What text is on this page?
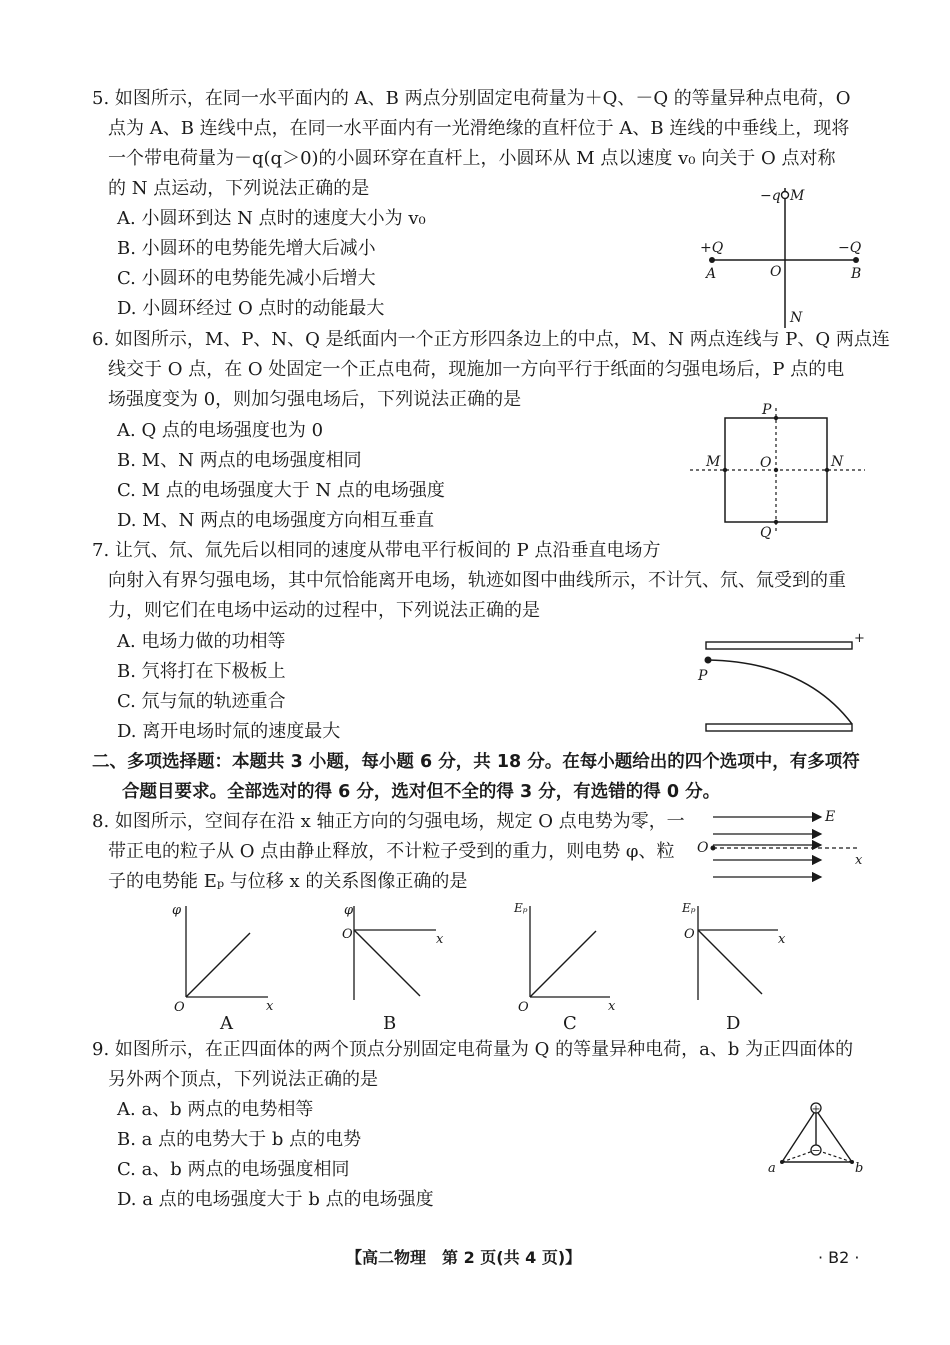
5. 如图所示，在同一水平面内的 A、B 两点分别固定电荷量为＋Q、－Q 的等量异种点电荷，O
点为 A、B 连线中点，在同一水平面内有一光滑绝缘的直杆位于 A、B 连线的中垂线上，现将
一个带电荷量为－q(q＞0)的小圆环穿在直杆上，小圆环从 M 点以速度 v₀ 向关于 O 点对称
的 N 点运动，下列说法正确的是
A. 小圆环到达 N 点时的速度大小为 v₀
B. 小圆环的电势能先增大后减小
C. 小圆环的电势能先减小后增大
D. 小圆环经过 O 点时的动能最大
−q M
N
O
A	B
+Q	−Q
6. 如图所示，M、P、N、Q 是纸面内一个正方形四条边上的中点，M、N 两点连线与 P、Q 两点连
线交于 O 点，在 O 处固定一个正点电荷，现施加一方向平行于纸面的匀强电场后，P 点的电
场强度变为 0，则加匀强电场后，下列说法正确的是
A. Q 点的电场强度也为 0
B. M、N 两点的电场强度相同
C. M 点的电场强度大于 N 点的电场强度
D. M、N 两点的电场强度方向相互垂直
P
Q
M	N
O
7. 让氕、氘、氚先后以相同的速度从带电平行板间的 P 点沿垂直电场方
向射入有界匀强电场，其中氘恰能离开电场，轨迹如图中曲线所示，不计氕、氘、氚受到的重
力，则它们在电场中运动的过程中，下列说法正确的是
A. 电场力做的功相等
B. 氕将打在下极板上
C. 氘与氚的轨迹重合
D. 离开电场时氚的速度最大
P
+
二、多项选择题：本题共 3 小题，每小题 6 分，共 18 分。在每小题给出的四个选项中，有多项符
合题目要求。全部选对的得 6 分，选对但不全的得 3 分，有选错的得 0 分。
8. 如图所示，空间存在沿 x 轴正方向的匀强电场，规定 O 点电势为零，一
带正电的粒子从 O 点由静止释放，不计粒子受到的重力，则电势 φ、粒
子的电势能 Eₚ 与位移 x 的关系图像正确的是
E
O
x
φ
x
O
A
φ
x
O
B
Eₚ
x
O
C
Eₚ
x
O
D
9. 如图所示，在正四面体的两个顶点分别固定电荷量为 Q 的等量异种电荷，a、b 为正四面体的
另外两个顶点，下列说法正确的是
A. a、b 两点的电势相等
B. a 点的电势大于 b 点的电势
C. a、b 两点的电场强度相同
D. a 点的电场强度大于 b 点的电场强度
+
−
a	b
【高二物理　第 2 页(共 4 页)】	· B2 ·
